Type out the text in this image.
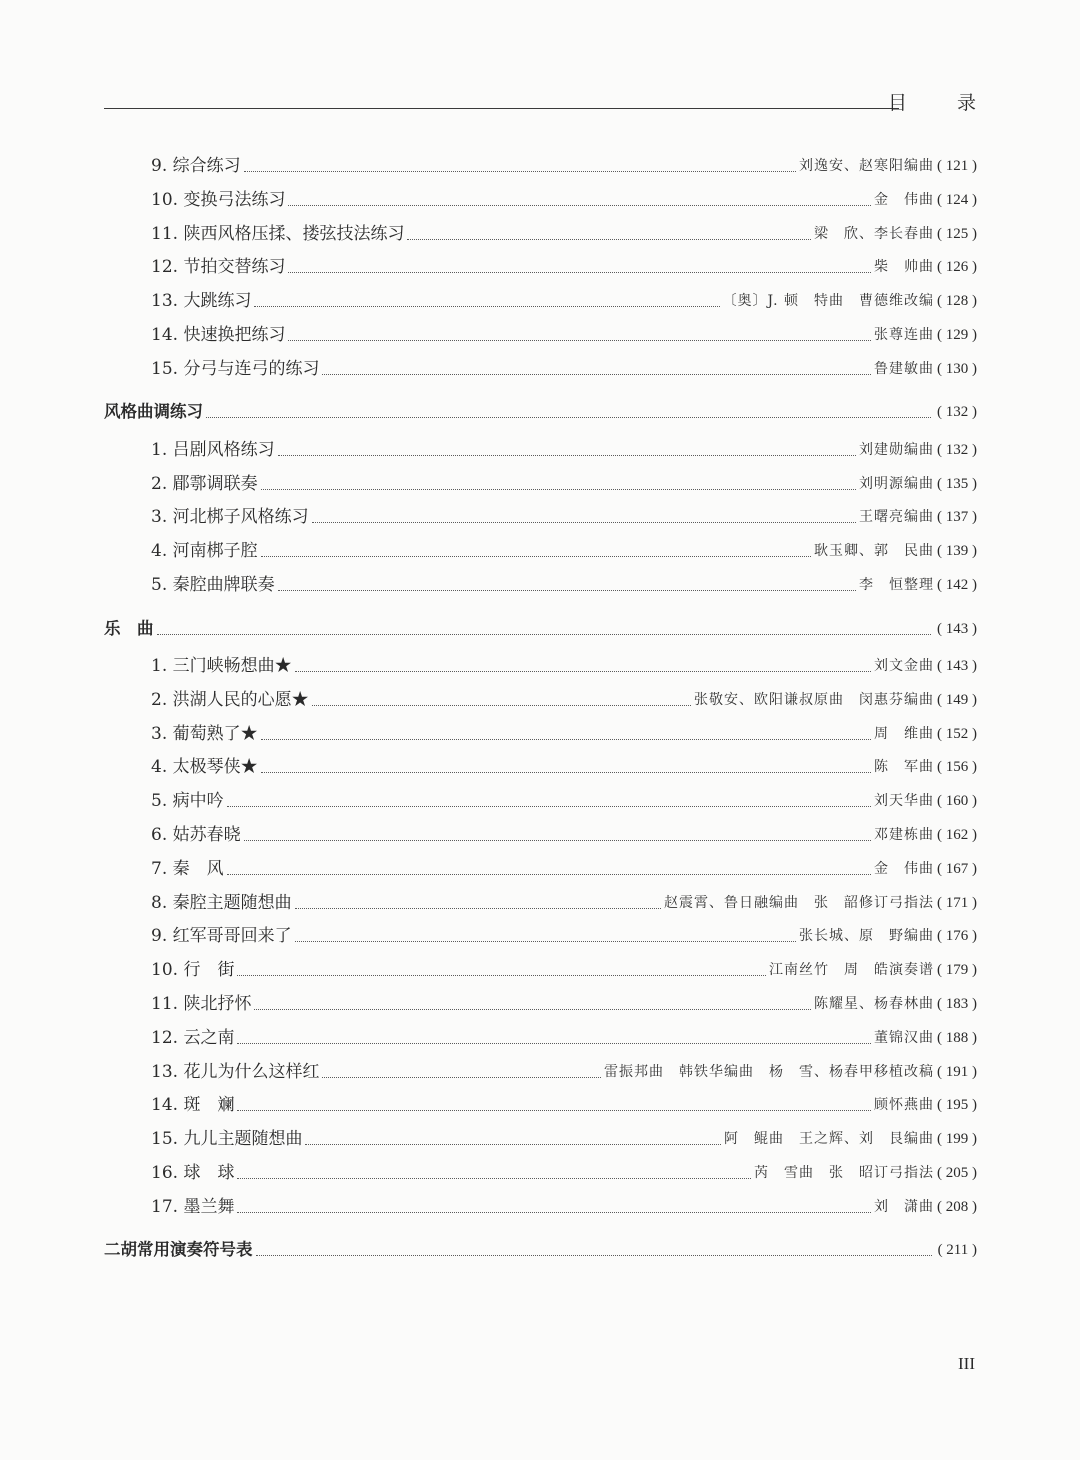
目 录
9. 综合练习	刘逸安、赵寒阳编曲 ( 121 )
10. 变换弓法练习	金　伟曲 ( 124 )
11. 陕西风格压揉、搂弦技法练习	梁　欣、李长春曲 ( 125 )
12. 节拍交替练习	柴　帅曲 ( 126 )
13. 大跳练习	〔奥〕J. 顿　特曲　曹德维改编 ( 128 )
14. 快速换把练习	张尊连曲 ( 129 )
15. 分弓与连弓的练习	鲁建敏曲 ( 130 )
风格曲调练习	( 132 )
1. 吕剧风格练习	刘建勋编曲 ( 132 )
2. 郿鄠调联奏	刘明源编曲 ( 135 )
3. 河北梆子风格练习	王曙亮编曲 ( 137 )
4. 河南梆子腔	耿玉卿、郭　民曲 ( 139 )
5. 秦腔曲牌联奏	李　恒整理 ( 142 )
乐　曲	( 143 )
1. 三门峡畅想曲★	刘文金曲 ( 143 )
2. 洪湖人民的心愿★	张敬安、欧阳谦叔原曲　闵惠芬编曲 ( 149 )
3. 葡萄熟了★	周　维曲 ( 152 )
4. 太极琴侠★	陈　军曲 ( 156 )
5. 病中吟	刘天华曲 ( 160 )
6. 姑苏春晓	邓建栋曲 ( 162 )
7. 秦　风	金　伟曲 ( 167 )
8. 秦腔主题随想曲	赵震霄、鲁日融编曲　张　韶修订弓指法 ( 171 )
9. 红军哥哥回来了	张长城、原　野编曲 ( 176 )
10. 行　街	江南丝竹　周　皓演奏谱 ( 179 )
11. 陕北抒怀	陈耀星、杨春林曲 ( 183 )
12. 云之南	董锦汉曲 ( 188 )
13. 花儿为什么这样红	雷振邦曲　韩铁华编曲　杨　雪、杨春甲移植改稿 ( 191 )
14. 斑　斓	顾怀燕曲 ( 195 )
15. 九儿主题随想曲	阿　鲲曲　王之辉、刘　艮编曲 ( 199 )
16. 球　球	芮　雪曲　张　昭订弓指法 ( 205 )
17. 墨兰舞	刘　潇曲 ( 208 )
二胡常用演奏符号表	( 211 )
III
